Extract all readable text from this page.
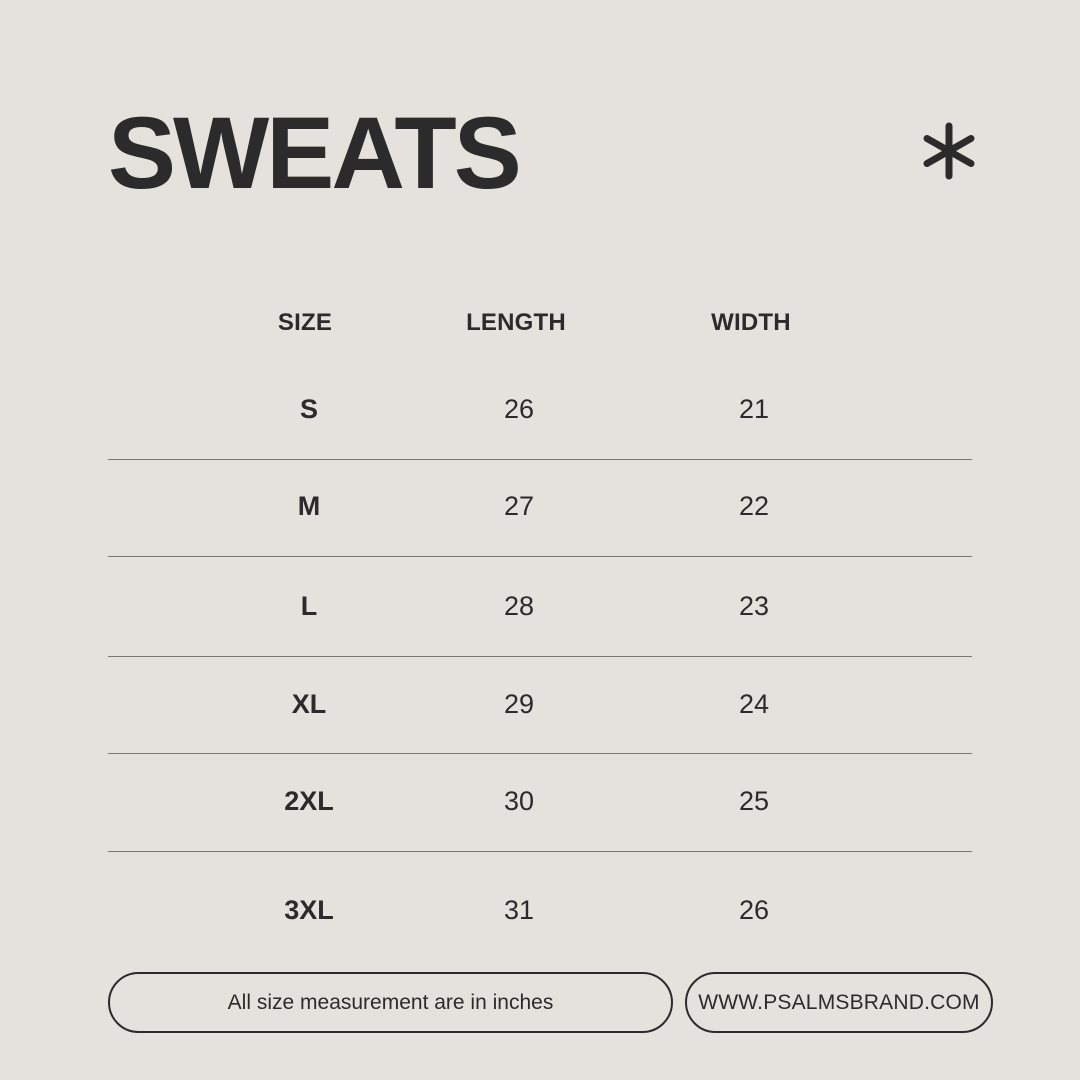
SWEATS
SIZE	LENGTH	WIDTH
S	26	21
M	27	22
L	28	23
XL	29	24
2XL	30	25
3XL	31	26
All size measurement are in inches	WWW.PSALMSBRAND.COM
